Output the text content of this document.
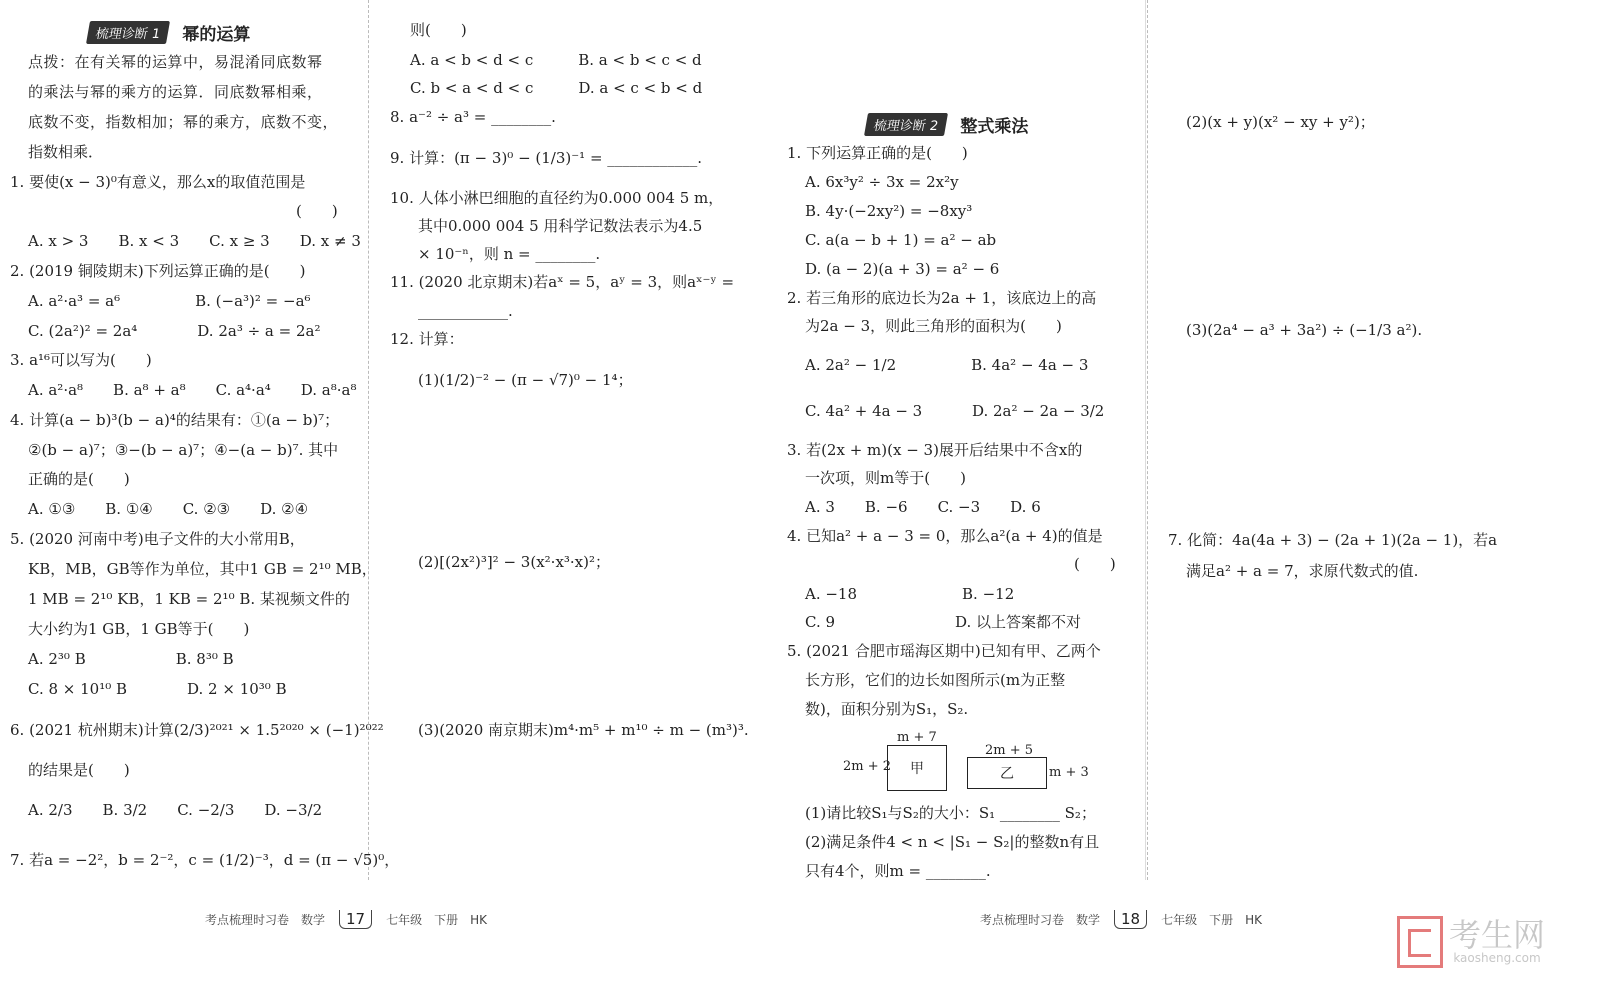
梳理诊断 1	幂的运算
点拨：在有关幂的运算中，易混淆同底数幂
的乘法与幂的乘方的运算．同底数幂相乘，
底数不变，指数相加；幂的乘方，底数不变，
指数相乘．
1. 要使(x − 3)⁰有意义，那么x的取值范围是
(　　)
A. x > 3　　B. x < 3　　C. x ≥ 3　　D. x ≠ 3
2. (2019 铜陵期末)下列运算正确的是(　　)
A. a²·a³ = a⁶　　　　　B. (−a³)² = −a⁶
C. (2a²)² = 2a⁴　　　　D. 2a³ ÷ a = 2a²
3. a¹⁶可以写为(　　)
A. a²·a⁸　　B. a⁸ + a⁸　　C. a⁴·a⁴　　D. a⁸·a⁸
4. 计算(a − b)³(b − a)⁴的结果有：①(a − b)⁷；
②(b − a)⁷；③−(b − a)⁷；④−(a − b)⁷. 其中
正确的是(　　)
A. ①③　　B. ①④　　C. ②③　　D. ②④
5. (2020 河南中考)电子文件的大小常用B，
KB，MB，GB等作为单位，其中1 GB = 2¹⁰ MB，
1 MB = 2¹⁰ KB，1 KB = 2¹⁰ B. 某视频文件的
大小约为1 GB，1 GB等于(　　)
A. 2³⁰ B　　　　　　B. 8³⁰ B
C. 8 × 10¹⁰ B　　　　D. 2 × 10³⁰ B
6. (2021 杭州期末)计算(2/3)²⁰²¹ × 1.5²⁰²⁰ × (−1)²⁰²²
的结果是(　　)
A. 2/3　　B. 3/2　　C. −2/3　　D. −3/2
7. 若a = −2²，b = 2⁻²，c = (1/2)⁻³，d = (π − √5)⁰，
则(　　)
A. a < b < d < c　　　B. a < b < c < d
C. b < a < d < c　　　D. a < c < b < d
8. a⁻² ÷ a³ = ________.
9. 计算：(π − 3)⁰ − (1/3)⁻¹ = ____________.
10. 人体小淋巴细胞的直径约为0.000 004 5 m，
其中0.000 004 5 用科学记数法表示为4.5
× 10⁻ⁿ，则 n = ________.
11. (2020 北京期末)若aˣ = 5，aʸ = 3，则aˣ⁻ʸ =
____________.
12. 计算：
(1)(1/2)⁻² − (π − √7)⁰ − 1⁴；
(2)[(2x²)³]² − 3(x²·x³·x)²；
(3)(2020 南京期末)m⁴·m⁵ + m¹⁰ ÷ m − (m³)³.
考点梳理时习卷　数学	17	七年级　下册　HK
梳理诊断 2	整式乘法
1. 下列运算正确的是(　　)
A. 6x³y² ÷ 3x = 2x²y
B. 4y·(−2xy²) = −8xy³
C. a(a − b + 1) = a² − ab
D. (a − 2)(a + 3) = a² − 6
2. 若三角形的底边长为2a + 1，该底边上的高
为2a − 3，则此三角形的面积为(　　)
A. 2a² − 1/2　　　　　B. 4a² − 4a − 3
C. 4a² + 4a − 3　　　 D. 2a² − 2a − 3/2
3. 若(2x + m)(x − 3)展开后结果中不含x的
一次项，则m等于(　　)
A. 3　　B. −6　　C. −3　　D. 6
4. 已知a² + a − 3 = 0，那么a²(a + 4)的值是
(　　)
A. −18　　　　　　　B. −12
C. 9　　　　　　　　D. 以上答案都不对
5. (2021 合肥市瑶海区期中)已知有甲、乙两个
长方形，它们的边长如图所示(m为正整
数)，面积分别为S₁，S₂.
m + 7
2m + 2	甲
2m + 5
乙	m + 3
(1)请比较S₁与S₂的大小：S₁ ________ S₂；
(2)满足条件4 < n < |S₁ − S₂|的整数n有且
只有4个，则m = ________.
(2)(x + y)(x² − xy + y²)；
(3)(2a⁴ − a³ + 3a²) ÷ (−1/3 a²).
7. 化简：4a(4a + 3) − (2a + 1)(2a − 1)，若a
满足a² + a = 7，求原代数式的值.
考点梳理时习卷　数学	18	七年级　下册　HK	考生网
kaosheng.com
